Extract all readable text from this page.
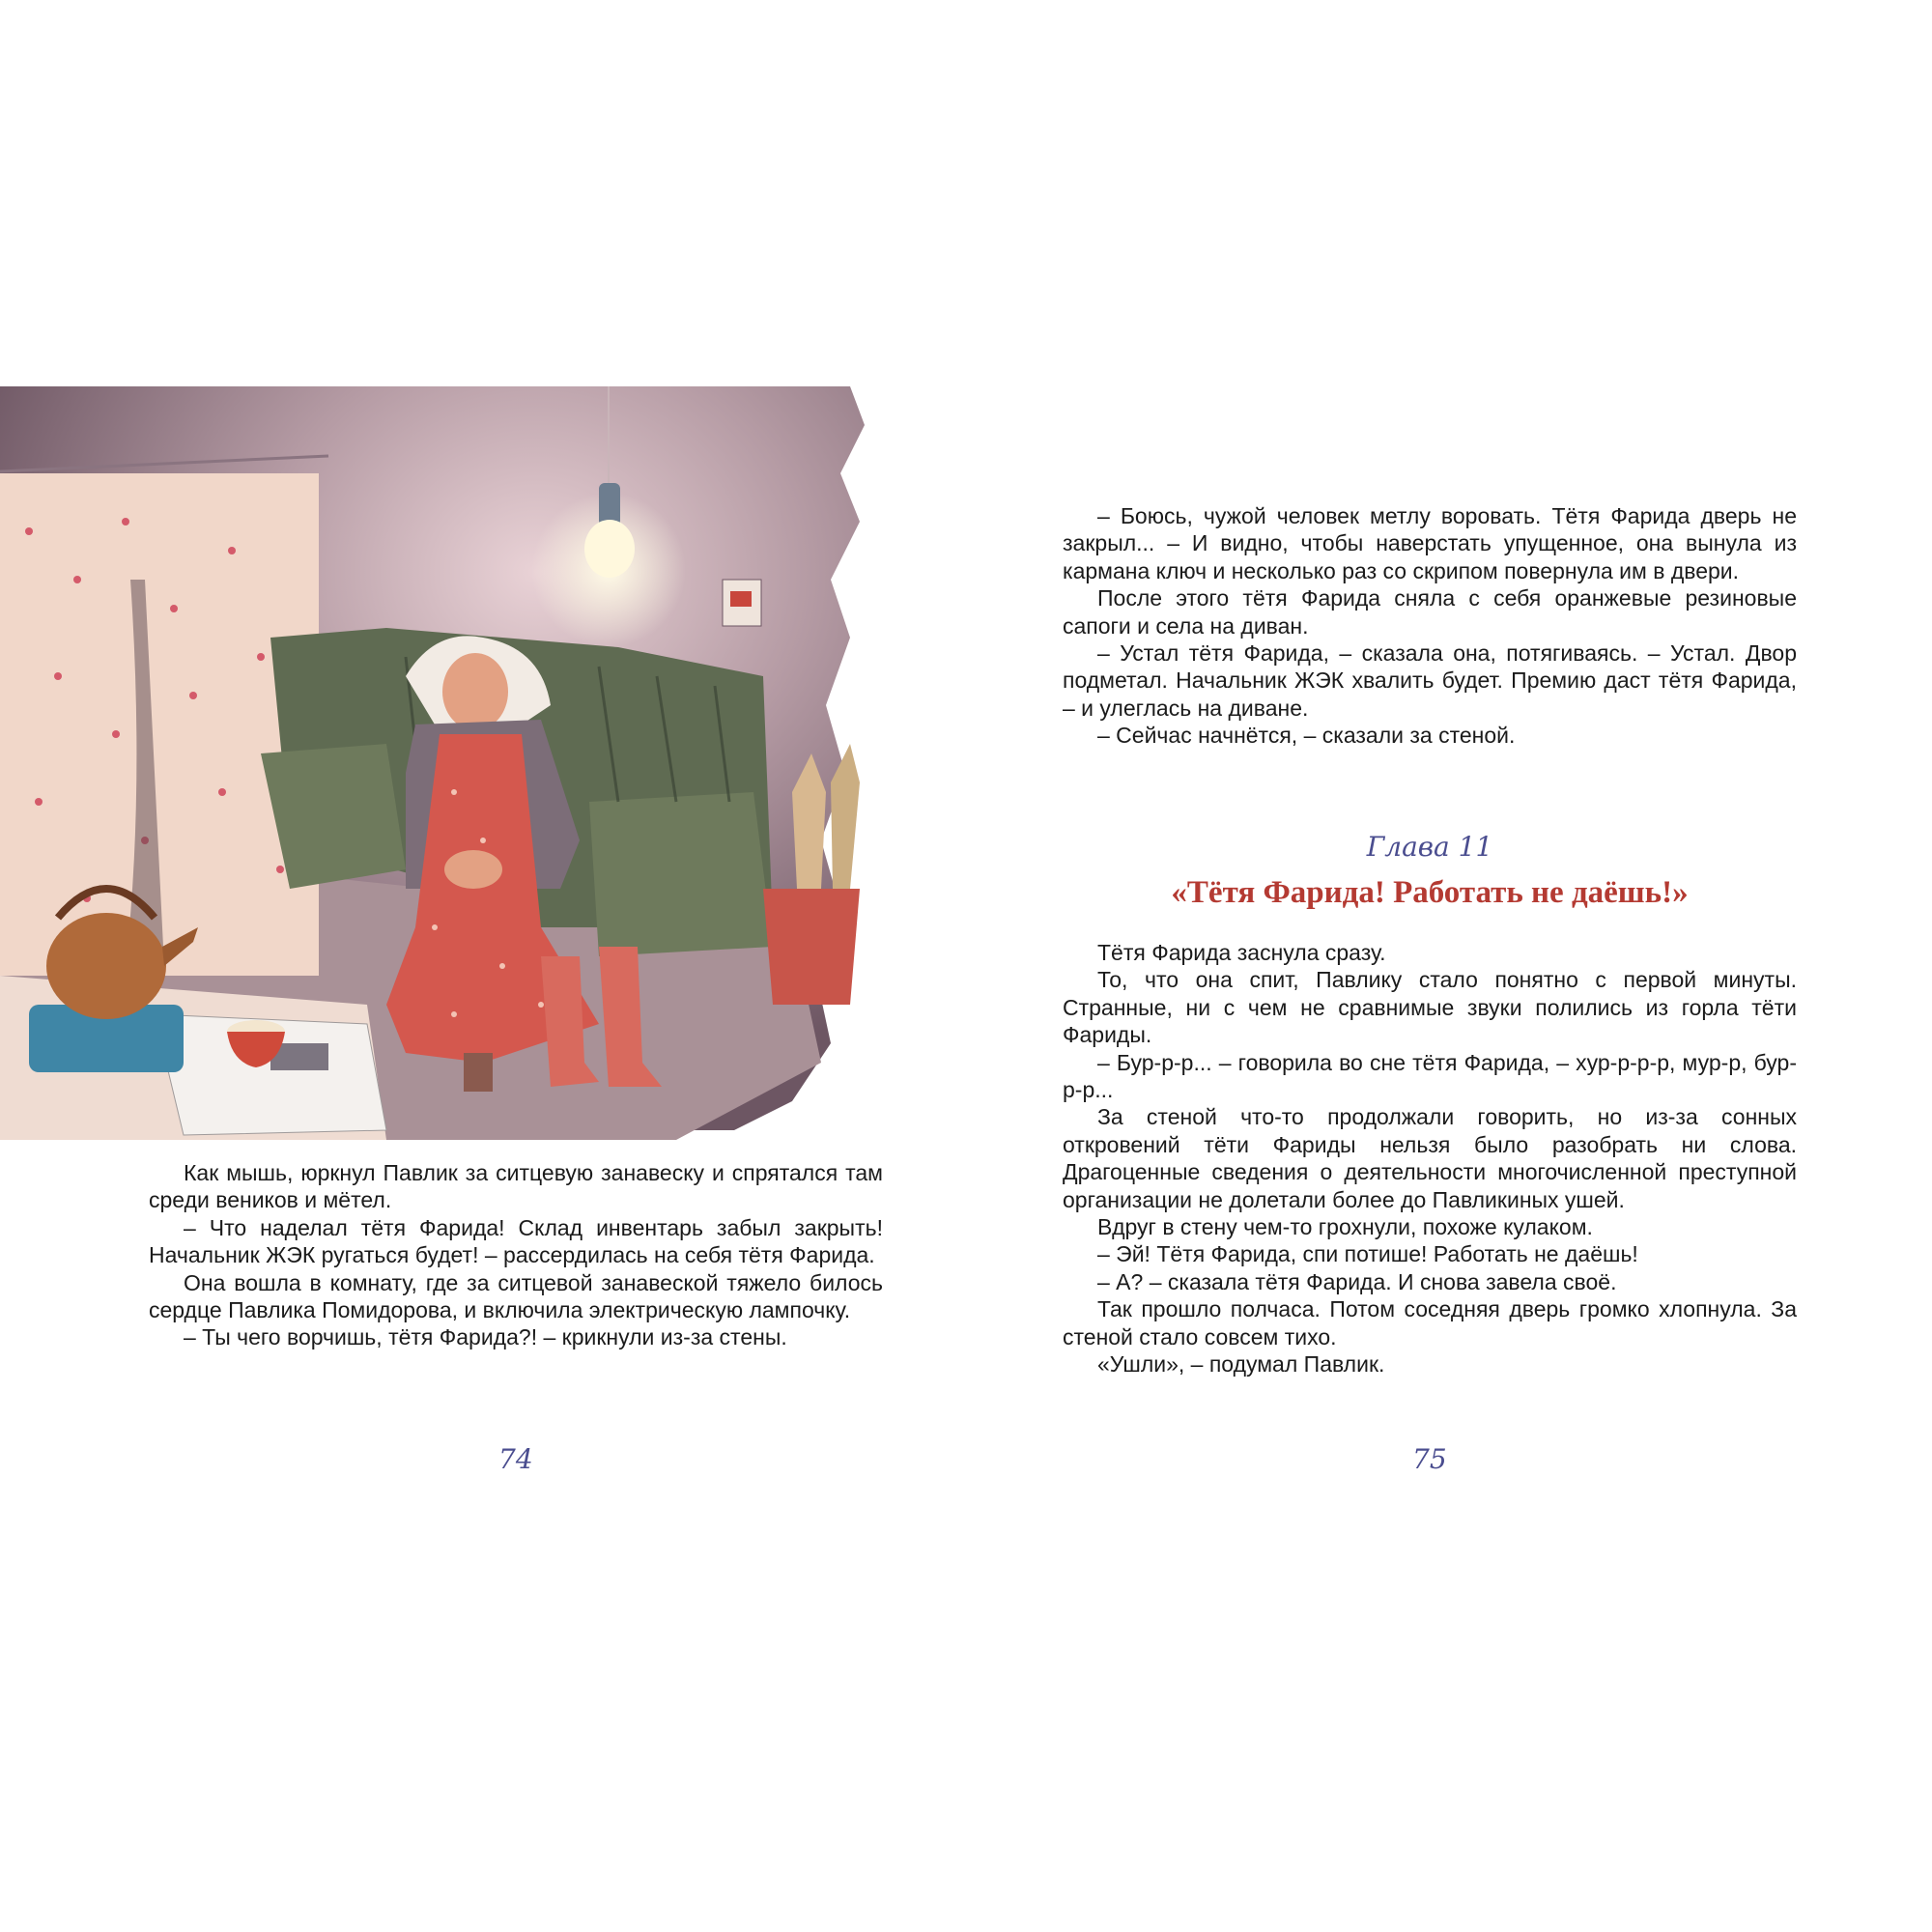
Как мышь, юркнул Павлик за ситцевую занавеску и спрятался там среди веников и мётел.

– Что наделал тётя Фарида! Склад инвентарь забыл закрыть! Начальник ЖЭК ругаться будет! – рассердилась на себя тётя Фарида.

Она вошла в комнату, где за ситцевой занавеской тяжело билось сердце Павлика Помидорова, и включила электрическую лампочку.

– Ты чего ворчишь, тётя Фарида?! – крикнули из-за стены.

74

– Боюсь, чужой человек метлу воровать. Тётя Фарида дверь не закрыл... – И видно, чтобы наверстать упущенное, она вынула из кармана ключ и несколько раз со скрипом повернула им в двери.

После этого тётя Фарида сняла с себя оранжевые резиновые сапоги и села на диван.

– Устал тётя Фарида, – сказала она, потягиваясь. – Устал. Двор подметал. Начальник ЖЭК хвалить будет. Премию даст тётя Фарида, – и улеглась на диване.

– Сейчас начнётся, – сказали за стеной.

Глава 11
«Тётя Фарида! Работать не даёшь!»

Тётя Фарида заснула сразу.

То, что она спит, Павлику стало понятно с первой минуты. Странные, ни с чем не сравнимые звуки полились из горла тёти Фариды.

– Бур-р-р... – говорила во сне тётя Фарида, – хур-р-р-р, мур-р, бур-р-р...

За стеной что-то продолжали говорить, но из-за сонных откровений тёти Фариды нельзя было разобрать ни слова. Драгоценные сведения о деятельности многочисленной преступной организации не долетали более до Павликиных ушей.

Вдруг в стену чем-то грохнули, похоже кулаком.

– Эй! Тётя Фарида, спи потише! Работать не даёшь!

– А? – сказала тётя Фарида. И снова завела своё.

Так прошло полчаса. Потом соседняя дверь громко хлопнула. За стеной стало совсем тихо.

«Ушли», – подумал Павлик.

75
